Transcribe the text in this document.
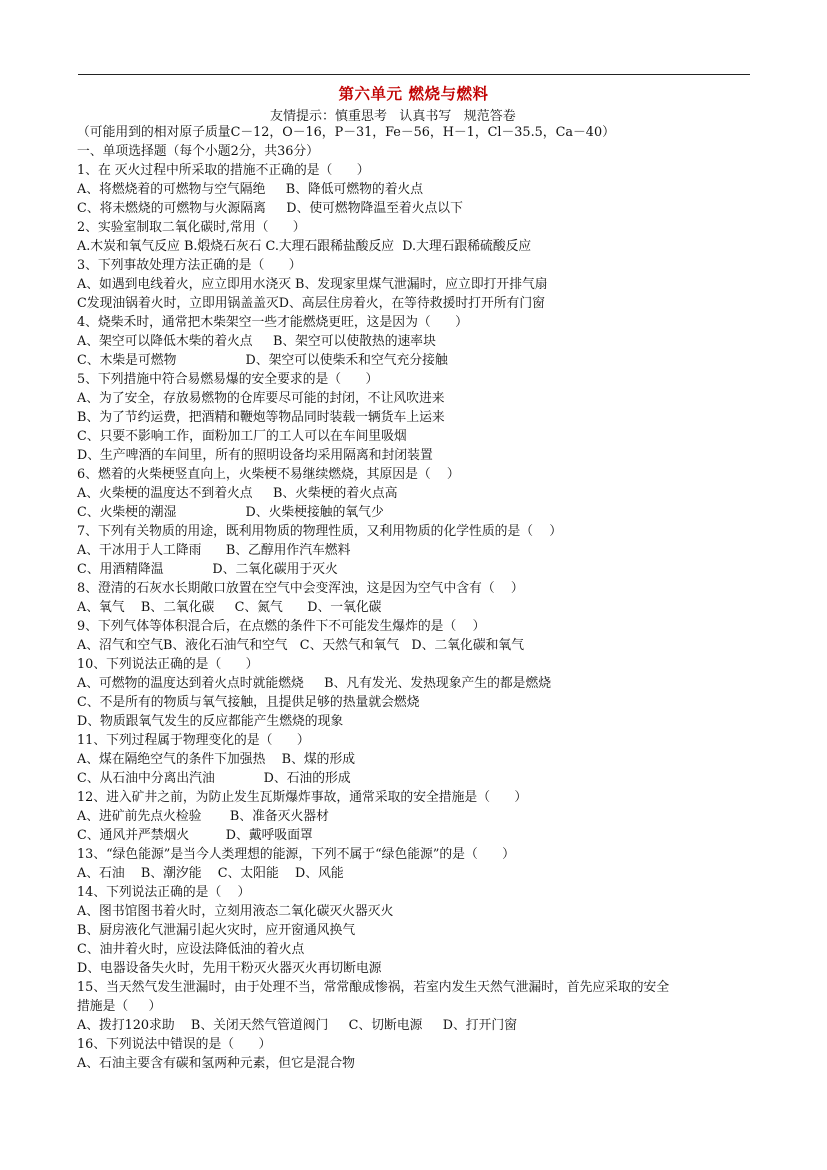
第六单元 燃烧与燃料
友情提示：慎重思考   认真书写   规范答卷
（可能用到的相对原子质量C－12，O－16，P－31，Fe－56，H－1，Cl－35.5，Ca－40）
一、单项选择题（每个小题2分，共36分）
1、在 灭火过程中所采取的措施不正确的是（      ）
A、将燃烧着的可燃物与空气隔绝     B、降低可燃物的着火点
C、将未燃烧的可燃物与火源隔离     D、使可燃物降温至着火点以下
2、实验室制取二氧化碳时,常用（      ）
A.木炭和氧气反应 B.煅烧石灰石 C.大理石跟稀盐酸反应  D.大理石跟稀硫酸反应
3、下列事故处理方法正确的是（      ）
A、如遇到电线着火，应立即用水浇灭 B、发现家里煤气泄漏时，应立即打开排气扇
C发现油锅着火时，立即用锅盖盖灭D、高层住房着火，在等待救援时打开所有门窗
4、烧柴禾时，通常把木柴架空一些才能燃烧更旺，这是因为（      ）
A、架空可以降低木柴的着火点     B、架空可以使散热的速率块
C、木柴是可燃物                 D、架空可以使柴禾和空气充分接触
5、下列措施中符合易燃易爆的安全要求的是（      ）
A、为了安全，存放易燃物的仓库要尽可能的封闭，不让风吹进来
B、为了节约运费，把酒精和鞭炮等物品同时装载一辆货车上运来
C、只要不影响工作，面粉加工厂的工人可以在车间里吸烟
D、生产啤酒的车间里，所有的照明设备均采用隔离和封闭装置
6、燃着的火柴梗竖直向上，火柴梗不易继续燃烧，其原因是（    ）
A、火柴梗的温度达不到着火点     B、火柴梗的着火点高
C、火柴梗的潮湿                 D、火柴梗接触的氧气少
7、下列有关物质的用途，既利用物质的物理性质，又利用物质的化学性质的是（    ）
A、干冰用于人工降雨      B、乙醇用作汽车燃料
C、用酒精降温            D、二氧化碳用于灭火
8、澄清的石灰水长期敞口放置在空气中会变浑浊，这是因为空气中含有（    ）
A、氧气    B、二氧化碳     C、氮气      D、一氧化碳
9、下列气体等体积混合后，在点燃的条件下不可能发生爆炸的是（    ）
A、沼气和空气B、液化石油气和空气   C、天然气和氧气   D、二氧化碳和氧气
10、下列说法正确的是（      ）
A、可燃物的温度达到着火点时就能燃烧     B、凡有发光、发热现象产生的都是燃烧
C、不是所有的物质与氧气接触，且提供足够的热量就会燃烧
D、物质跟氧气发生的反应都能产生燃烧的现象
11、下列过程属于物理变化的是（      ）
A、煤在隔绝空气的条件下加强热    B、煤的形成
C、从石油中分离出汽油            D、石油的形成
12、进入矿井之前，为防止发生瓦斯爆炸事故，通常采取的安全措施是（      ）
A、进矿前先点火检验       B、准备灭火器材
C、通风并严禁烟火         D、戴呼吸面罩
13、“绿色能源”是当今人类理想的能源，下列不属于“绿色能源”的是（      ）
A、石油    B、潮汐能    C、太阳能    D、风能
14、下列说法正确的是（    ）
A、图书馆图书着火时，立刻用液态二氧化碳灭火器灭火
B、厨房液化气泄漏引起火灾时，应开窗通风换气
C、油井着火时，应设法降低油的着火点
D、电器设备失火时，先用干粉灭火器灭火再切断电源
15、当天然气发生泄漏时，由于处理不当，常常酿成惨祸，若室内发生天然气泄漏时，首先应采取的安全
措施是（     ）
A、拨打120求助    B、关闭天然气管道阀门     C、切断电源     D、打开门窗
16、下列说法中错误的是（      ）
A、石油主要含有碳和氢两种元素，但它是混合物
